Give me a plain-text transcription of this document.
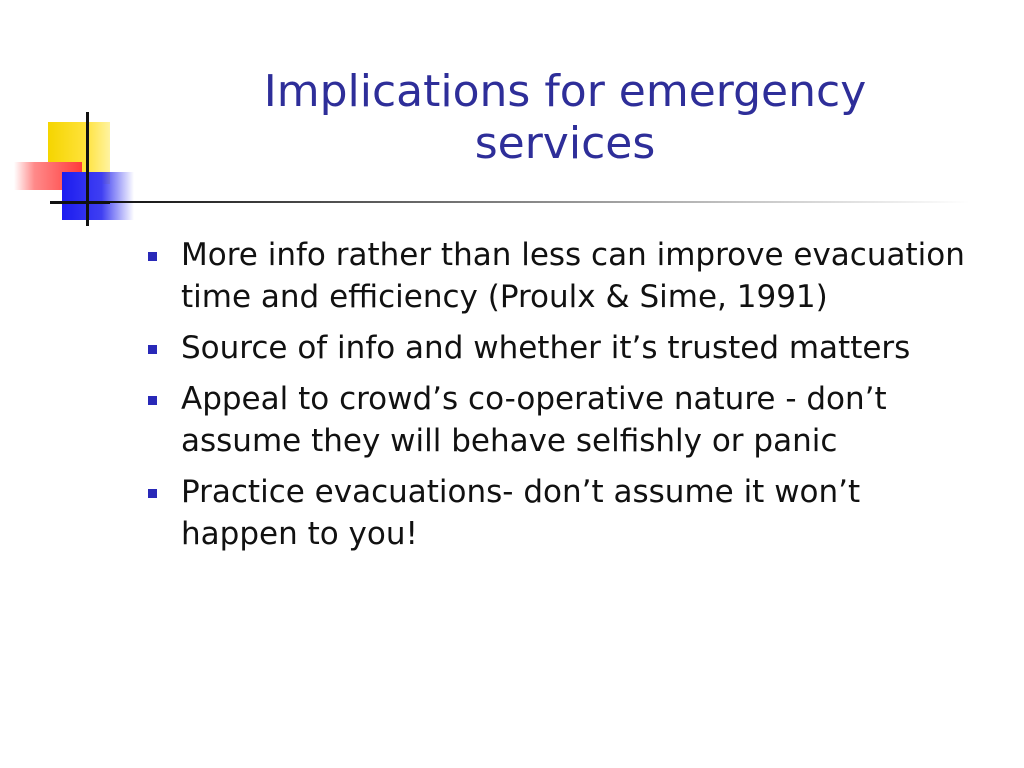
Implications for emergency services
More info rather than less can improve evacuation time and efficiency (Proulx & Sime, 1991)
Source of info and whether it’s trusted matters
Appeal to crowd’s co-operative nature - don’t assume they will behave selfishly or panic
Practice evacuations- don’t assume it won’t happen to you!
